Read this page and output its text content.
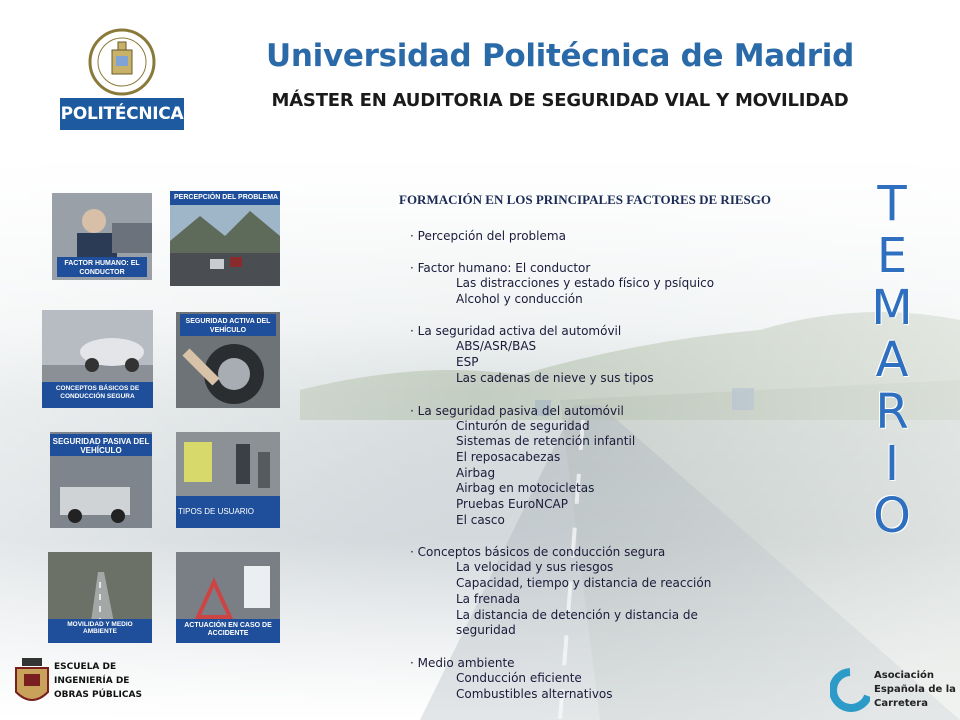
POLITÉCNICA
Universidad Politécnica de Madrid
MÁSTER EN AUDITORIA DE SEGURIDAD VIAL Y MOVILIDAD
FACTOR HUMANO: EL CONDUCTOR
PERCEPCIÓN DEL PROBLEMA
CONCEPTOS BÁSICOS DE CONDUCCIÓN SEGURA
SEGURIDAD ACTIVA DEL VEHÍCULO
SEGURIDAD PASIVA DEL VEHÍCULO
TIPOS DE USUARIO
MOVILIDAD Y MEDIO AMBIENTE
ACTUACIÓN EN CASO DE ACCIDENTE
FORMACIÓN EN LOS PRINCIPALES FACTORES DE RIESGO
· Percepción del problema
· Factor humano: El conductor
Las distracciones y estado físico y psíquico
Alcohol y conducción
· La seguridad activa del automóvil
ABS/ASR/BAS
ESP
Las cadenas de nieve y sus tipos
· La seguridad pasiva del automóvil
Cinturón de seguridad
Sistemas de retención infantil
El reposacabezas
Airbag
Airbag en motocicletas
Pruebas EuroNCAP
El casco
· Conceptos básicos de conducción segura
La velocidad y sus riesgos
Capacidad, tiempo y distancia de reacción
La frenada
La distancia de detención y distancia de
seguridad
· Medio ambiente
Conducción eficiente
Combustibles alternativos
T
E
M
A
R
I
O
ESCUELA DE
INGENIERÍA DE
OBRAS PÚBLICAS
Asociación
Española de la
Carretera
